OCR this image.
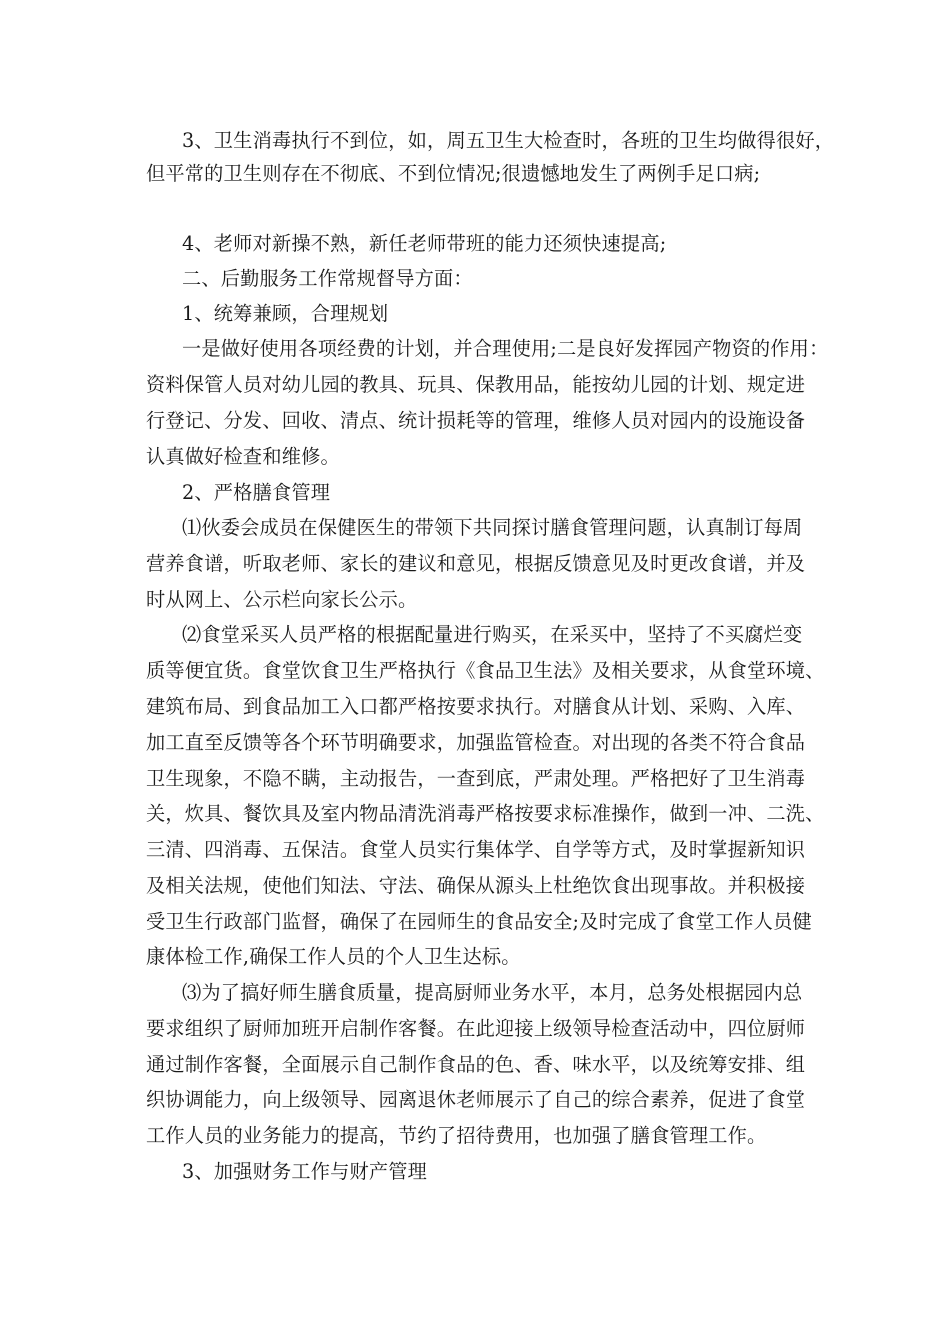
3、卫生消毒执行不到位，如，周五卫生大检查时，各班的卫生均做得很好，
但平常的卫生则存在不彻底、不到位情况;很遗憾地发生了两例手足口病;
4、老师对新操不熟，新任老师带班的能力还须快速提高;
二、后勤服务工作常规督导方面：
1、统筹兼顾，合理规划
一是做好使用各项经费的计划，并合理使用;二是良好发挥园产物资的作用：
资料保管人员对幼儿园的教具、玩具、保教用品，能按幼儿园的计划、规定进
行登记、分发、回收、清点、统计损耗等的管理，维修人员对园内的设施设备
认真做好检查和维修。
2、严格膳食管理
⑴伙委会成员在保健医生的带领下共同探讨膳食管理问题，认真制订每周
营养食谱，听取老师、家长的建议和意见，根据反馈意见及时更改食谱，并及
时从网上、公示栏向家长公示。
⑵食堂采买人员严格的根据配量进行购买，在采买中，坚持了不买腐烂变
质等便宜货。食堂饮食卫生严格执行《食品卫生法》及相关要求，从食堂环境、
建筑布局、到食品加工入口都严格按要求执行。对膳食从计划、采购、入库、
加工直至反馈等各个环节明确要求，加强监管检查。对出现的各类不符合食品
卫生现象，不隐不瞒，主动报告，一查到底，严肃处理。严格把好了卫生消毒
关，炊具、餐饮具及室内物品清洗消毒严格按要求标准操作，做到一冲、二洗、
三清、四消毒、五保洁。食堂人员实行集体学、自学等方式，及时掌握新知识
及相关法规，使他们知法、守法、确保从源头上杜绝饮食出现事故。并积极接
受卫生行政部门监督，确保了在园师生的食品安全;及时完成了食堂工作人员健
康体检工作,确保工作人员的个人卫生达标。
⑶为了搞好师生膳食质量，提高厨师业务水平，本月，总务处根据园内总
要求组织了厨师加班开启制作客餐。在此迎接上级领导检查活动中，四位厨师
通过制作客餐，全面展示自己制作食品的色、香、味水平，以及统筹安排、组
织协调能力，向上级领导、园离退休老师展示了自己的综合素养，促进了食堂
工作人员的业务能力的提高，节约了招待费用，也加强了膳食管理工作。
3、加强财务工作与财产管理
